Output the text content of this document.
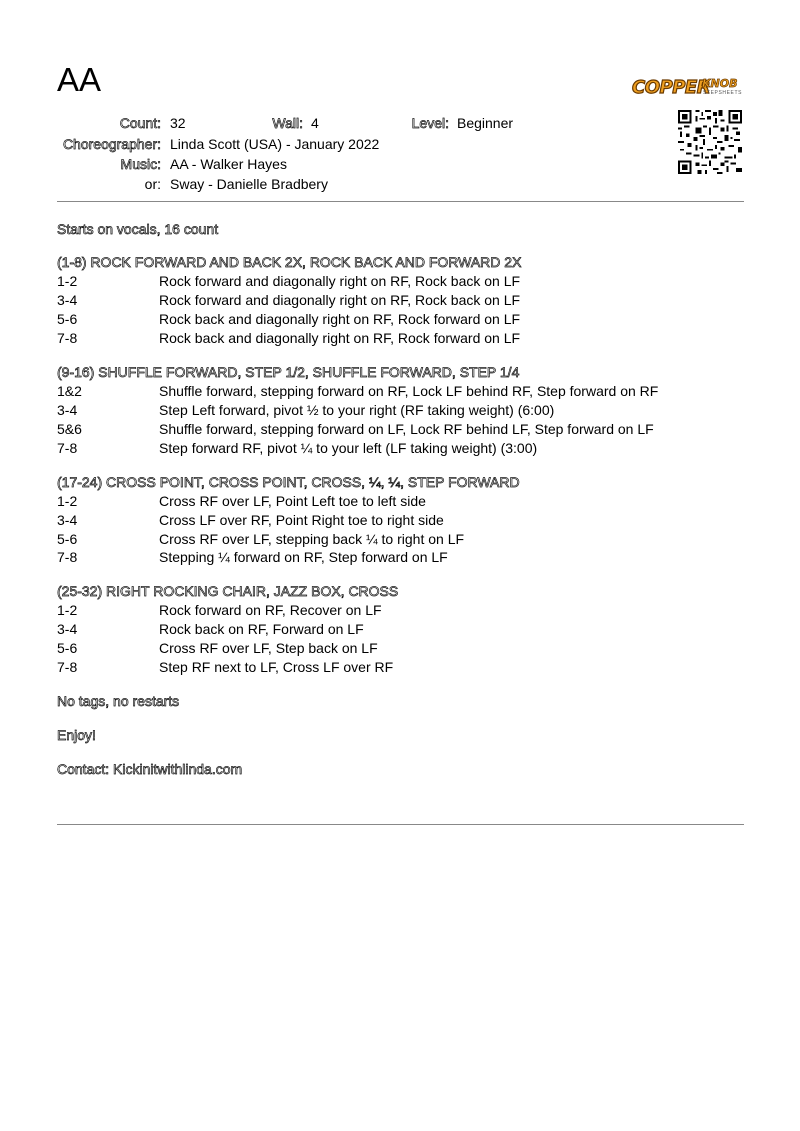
AA	COPPER
KNOB
STEPSHEETS
Count: 32	Wall: 4	Level: Beginner
Choreographer: Linda Scott (USA) - January 2022
Music: AA - Walker Hayes
or: Sway - Danielle Bradbery
Starts on vocals, 16 count
(1-8) ROCK FORWARD AND BACK 2X, ROCK BACK AND FORWARD 2X
1-2	Rock forward and diagonally right on RF, Rock back on LF
3-4	Rock forward and diagonally right on RF, Rock back on LF
5-6	Rock back and diagonally right on RF, Rock forward on LF
7-8	Rock back and diagonally right on RF, Rock forward on LF
(9-16) SHUFFLE FORWARD, STEP 1/2, SHUFFLE FORWARD, STEP 1/4
1&2	Shuffle forward, stepping forward on RF, Lock LF behind RF, Step forward on RF
3-4	Step Left forward, pivot ½ to your right (RF taking weight) (6:00)
5&6	Shuffle forward, stepping forward on LF, Lock RF behind LF, Step forward on LF
7-8	Step forward RF, pivot ¼ to your left (LF taking weight) (3:00)
(17-24) CROSS POINT, CROSS POINT, CROSS, ¼, ¼, STEP FORWARD
1-2	Cross RF over LF, Point Left toe to left side
3-4	Cross LF over RF, Point Right toe to right side
5-6	Cross RF over LF, stepping back ¼ to right on LF
7-8	Stepping ¼ forward on RF, Step forward on LF
(25-32) RIGHT ROCKING CHAIR, JAZZ BOX, CROSS
1-2	Rock forward on RF, Recover on LF
3-4	Rock back on RF, Forward on LF
5-6	Cross RF over LF, Step back on LF
7-8	Step RF next to LF, Cross LF over RF
No tags, no restarts
Enjoy!
Contact: Kickinitwithlinda.com
